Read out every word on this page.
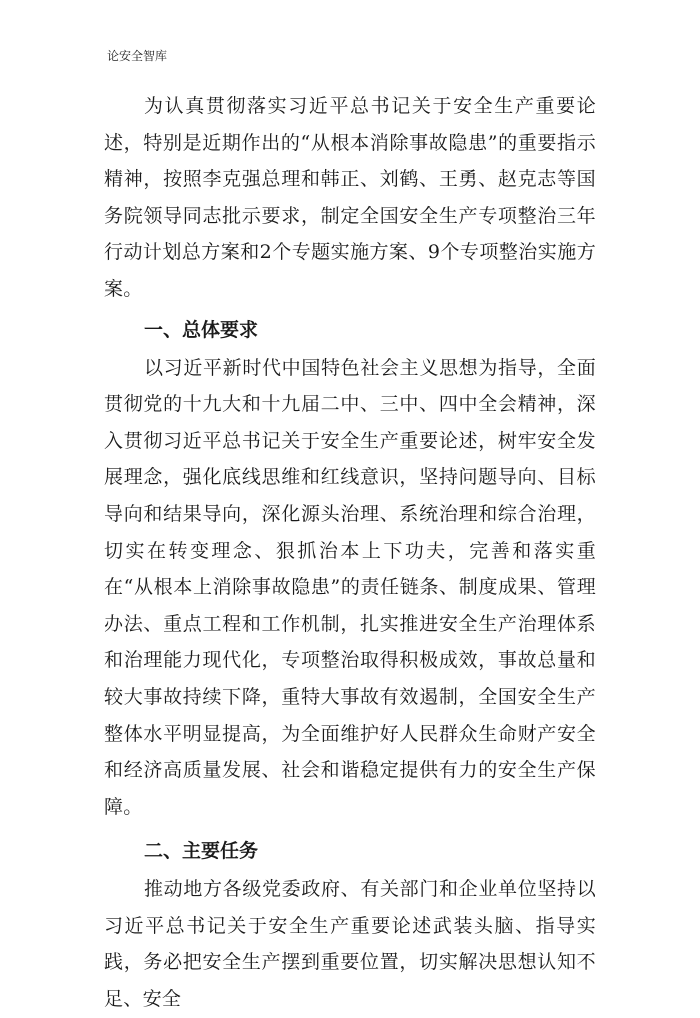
论安全智库

为认真贯彻落实习近平总书记关于安全生产重要论述，特别是近期作出的“从根本消除事故隐患”的重要指示精神，按照李克强总理和韩正、刘鹤、王勇、赵克志等国务院领导同志批示要求，制定全国安全生产专项整治三年行动计划总方案和2个专题实施方案、9个专项整治实施方案。

一、总体要求

以习近平新时代中国特色社会主义思想为指导，全面贯彻党的十九大和十九届二中、三中、四中全会精神，深入贯彻习近平总书记关于安全生产重要论述，树牢安全发展理念，强化底线思维和红线意识，坚持问题导向、目标导向和结果导向，深化源头治理、系统治理和综合治理，切实在转变理念、狠抓治本上下功夫，完善和落实重在“从根本上消除事故隐患”的责任链条、制度成果、管理办法、重点工程和工作机制，扎实推进安全生产治理体系和治理能力现代化，专项整治取得积极成效，事故总量和较大事故持续下降，重特大事故有效遏制，全国安全生产整体水平明显提高，为全面维护好人民群众生命财产安全和经济高质量发展、社会和谐稳定提供有力的安全生产保障。

二、主要任务

推动地方各级党委政府、有关部门和企业单位坚持以习近平总书记关于安全生产重要论述武装头脑、指导实践，务必把安全生产摆到重要位置，切实解决思想认知不足、安全
